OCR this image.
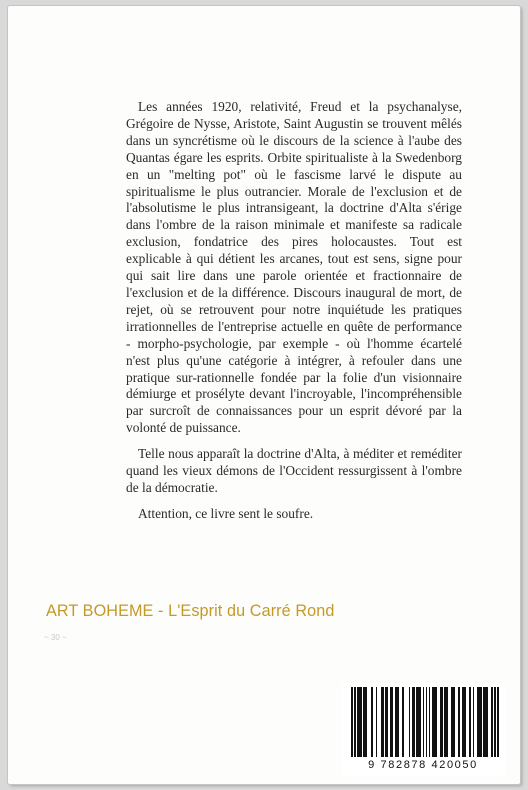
Les années 1920, relativité, Freud et la psychanalyse, Grégoire de Nysse, Aristote, Saint Augustin se trouvent mêlés dans un syncrétisme où le discours de la science à l'aube des Quantas égare les esprits. Orbite spiritualiste à la Swedenborg en un "melting pot" où le fascisme larvé le dispute au spiritualisme le plus outrancier. Morale de l'exclusion et de l'absolutisme le plus intransigeant, la doctrine d'Alta s'érige dans l'ombre de la raison minimale et manifeste sa radicale exclusion, fondatrice des pires holocaustes. Tout est explicable à qui détient les arcanes, tout est sens, signe pour qui sait lire dans une parole orientée et fractionnaire de l'exclusion et de la différence. Discours inaugural de mort, de rejet, où se retrouvent pour notre inquiétude les pratiques irrationnelles de l'entreprise actuelle en quête de performance - morpho-psychologie, par exemple - où l'homme écartelé n'est plus qu'une catégorie à intégrer, à refouler dans une pratique sur-rationnelle fondée par la folie d'un visionnaire démiurge et prosélyte devant l'incroyable, l'incompréhensible par surcroît de connaissances pour un esprit dévoré par la volonté de puissance.

Telle nous apparaît la doctrine d'Alta, à méditer et reméditer quand les vieux démons de l'Occident ressurgissent à l'ombre de la démocratie.

Attention, ce livre sent le soufre.

ART BOHEME - L'Esprit du Carré Rond
~ 30 ~
9 782878 420050
